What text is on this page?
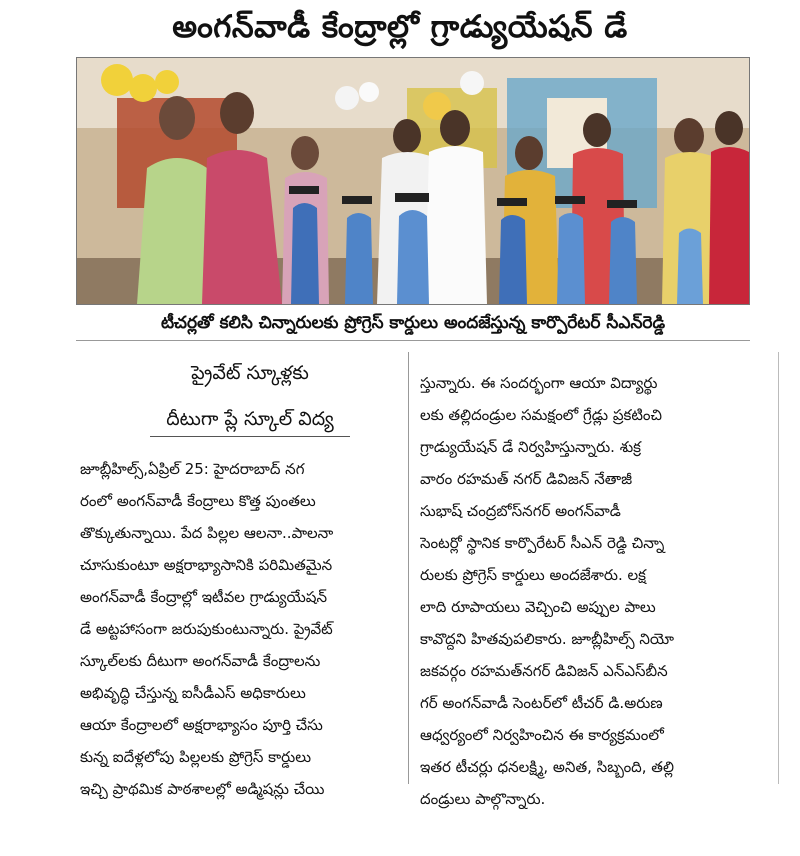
అంగన్‌వాడీ కేంద్రాల్లో గ్రాడ్యుయేషన్ డే
టీచర్లతో కలిసి చిన్నారులకు ప్రోగ్రెస్ కార్డులు అందజేస్తున్న కార్పొరేటర్ సీఎన్‌రెడ్డి
ప్రైవేట్ స్కూళ్లకు
దీటుగా ప్లే స్కూల్ విద్య
జూబ్లీహిల్స్,ఏప్రిల్ 25: హైదరాబాద్ నగ
రంలో అంగన్‌వాడీ కేంద్రాలు కొత్త పుంతలు
తొక్కుతున్నాయి. పేద పిల్లల ఆలనా..పాలనా
చూసుకుంటూ అక్షరాభ్యాసానికి పరిమితమైన
అంగన్‌వాడీ కేంద్రాల్లో ఇటీవల గ్రాడ్యుయేషన్
డే అట్టహాసంగా జరుపుకుంటున్నారు. ప్రైవేట్
స్కూల్‌లకు దీటుగా అంగన్‌వాడీ కేంద్రాలను
అభివృద్ధి చేస్తున్న ఐసీడీఎస్ అధికారులు
ఆయా కేంద్రాలలో అక్షరాభ్యాసం పూర్తి చేసు
కున్న ఐదేళ్లలోపు పిల్లలకు ప్రోగ్రెస్ కార్డులు
ఇచ్చి ప్రాథమిక పాఠశాలల్లో అడ్మిషన్లు చేయి
స్తున్నారు. ఈ సందర్భంగా ఆయా విద్యార్థు
లకు తల్లిదండ్రుల సమక్షంలో గ్రేడ్లు ప్రకటించి
గ్రాడ్యుయేషన్ డే నిర్వహిస్తున్నారు. శుక్ర
వారం రహమత్ నగర్ డివిజన్ నేతాజీ
సుభాష్ చంద్రబోస్‌నగర్ అంగన్‌వాడీ
సెంటర్లో స్థానిక కార్పొరేటర్ సీఎన్ రెడ్డి చిన్నా
రులకు ప్రోగ్రెస్ కార్డులు అందజేశారు. లక్ష
లాది రూపాయలు వెచ్చించి అప్పుల పాలు
కావొద్దని హితవుపలికారు. జూబ్లీహిల్స్ నియో
జకవర్గం రహమత్‌నగర్ డివిజన్ ఎన్‌ఎస్‌బీన
గర్ అంగన్‌వాడీ సెంటర్‌లో టీచర్ డి.అరుణ
ఆధ్వర్యంలో నిర్వహించిన ఈ కార్యక్రమంలో
ఇతర టీచర్లు ధనలక్ష్మి, అనిత, సిబ్బంది, తల్లి
దండ్రులు పాల్గొన్నారు.
